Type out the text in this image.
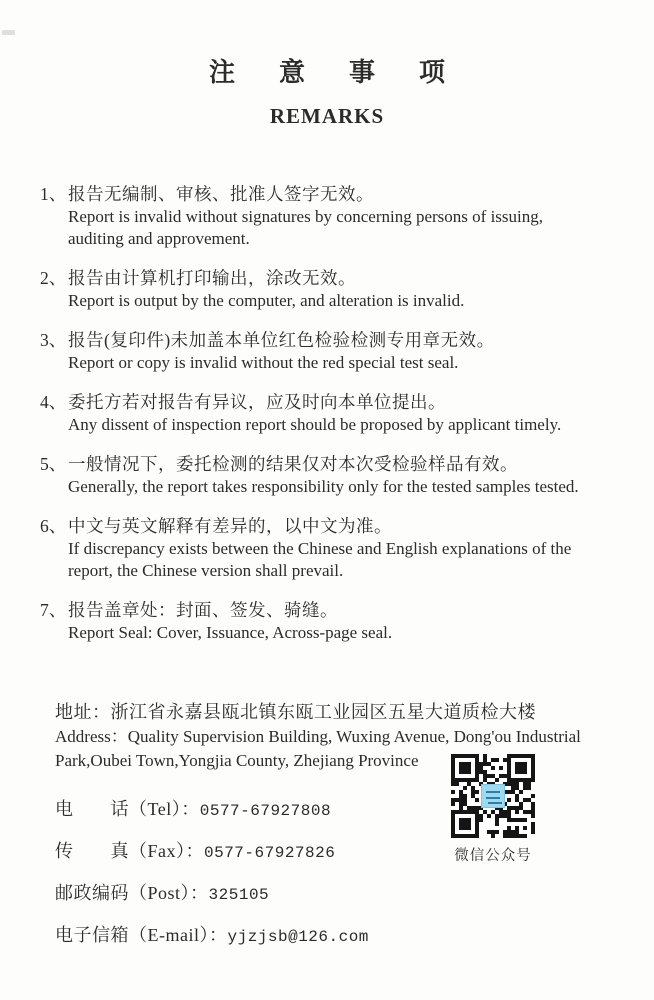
注意事项
REMARKS
1、 报告无编制、审核、批准人签字无效。
Report is invalid without signatures by concerning persons of issuing, auditing and approvement.
2、 报告由计算机打印输出，涂改无效。
Report is output by the computer, and alteration is invalid.
3、 报告(复印件)未加盖本单位红色检验检测专用章无效。
Report or copy is invalid without the red special test seal.
4、 委托方若对报告有异议，应及时向本单位提出。
Any dissent of inspection report should be proposed by applicant timely.
5、 一般情况下，委托检测的结果仅对本次受检验样品有效。
Generally, the report takes responsibility only for the tested samples tested.
6、 中文与英文解释有差异的，以中文为准。
If discrepancy exists between the Chinese and English explanations of the report, the Chinese version shall prevail.
7、 报告盖章处：封面、签发、骑缝。
Report Seal: Cover, Issuance, Across-page seal.
地址：浙江省永嘉县瓯北镇东瓯工业园区五星大道质检大楼
Address：Quality Supervision Building, Wuxing Avenue, Dong'ou Industrial Park,Oubei Town,Yongjia County, Zhejiang Province
电　　话（Tel）：0577-67927808
传　　真（Fax）：0577-67927826
邮政编码（Post）：325105
电子信箱（E-mail）：yjzjsb@126.com
微信公众号
